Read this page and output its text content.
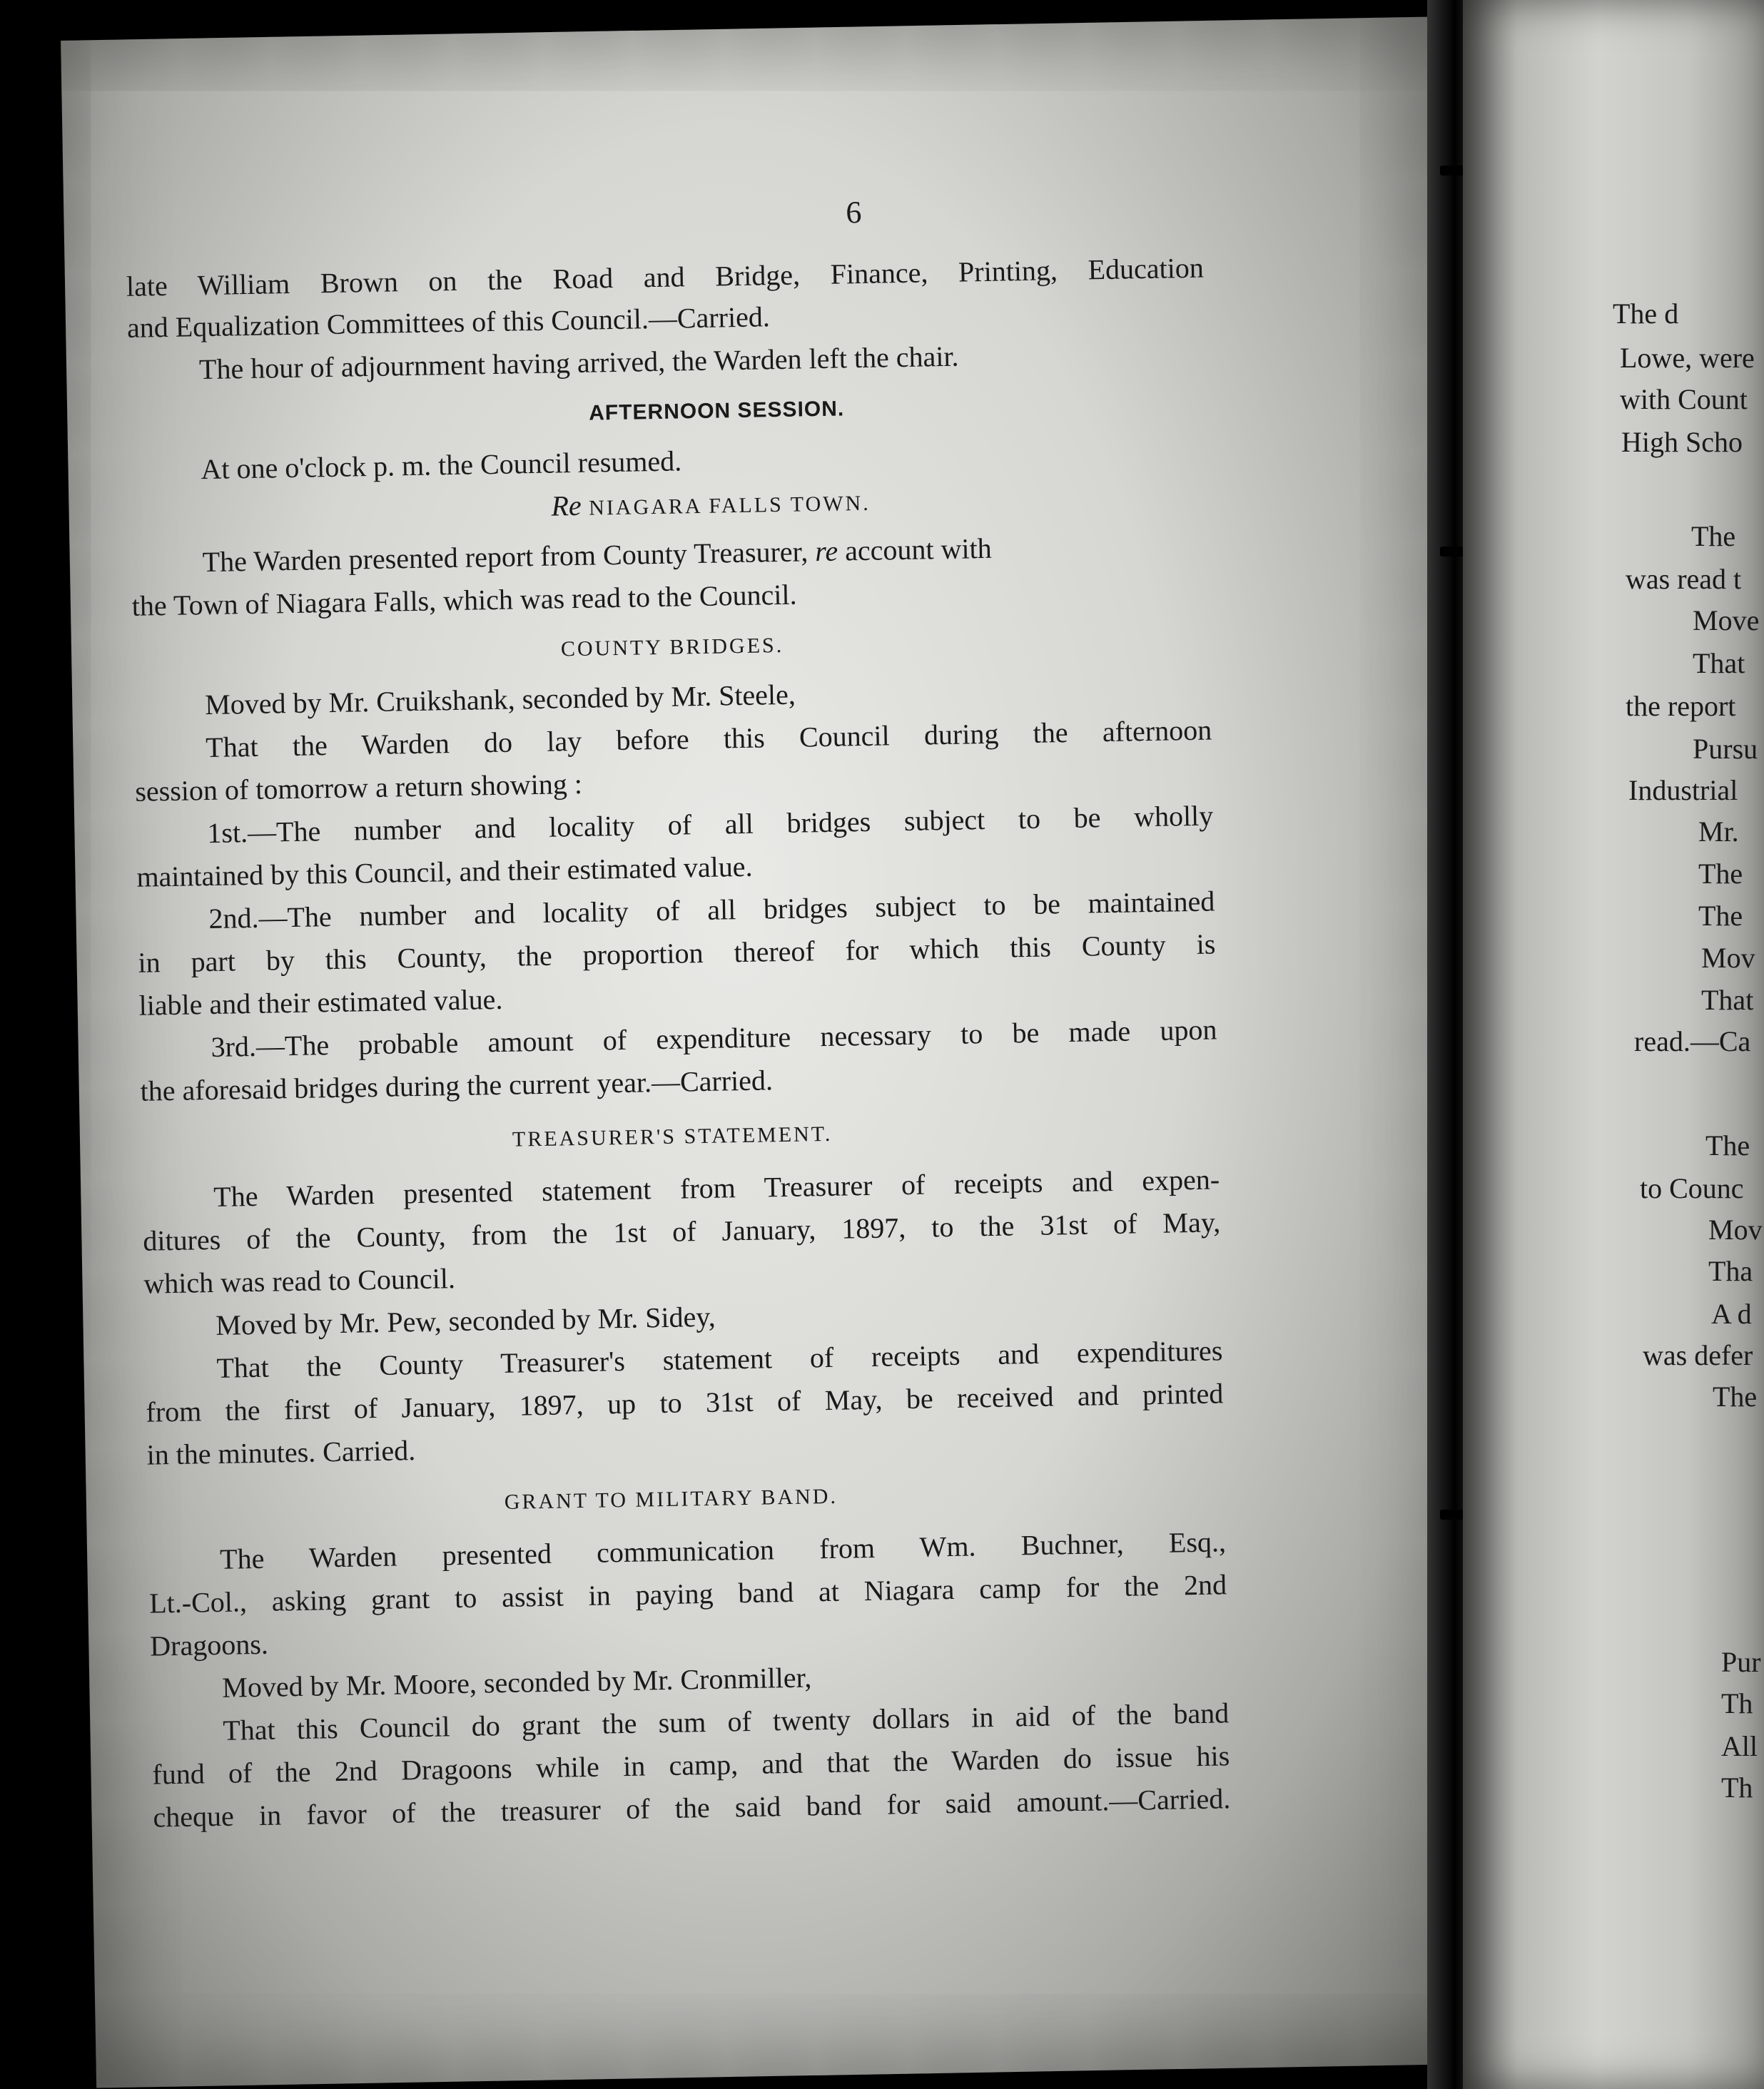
6

late William Brown on the Road and Bridge, Finance, Printing, Education

and Equalization Committees of this Council.—Carried.

The hour of adjournment having arrived, the Warden left the chair.

AFTERNOON SESSION.

At one o'clock p. m. the Council resumed.

Re NIAGARA FALLS TOWN.

The Warden presented report from County Treasurer, re account with

the Town of Niagara Falls, which was read to the Council.

COUNTY BRIDGES.

Moved by Mr. Cruikshank, seconded by Mr. Steele,

That the Warden do lay before this Council during the afternoon

session of tomorrow a return showing :

1st.—The number and locality of all bridges subject to be wholly

maintained by this Council, and their estimated value.

2nd.—The number and locality of all bridges subject to be maintained

in part by this County, the proportion thereof for which this County is

liable and their estimated value.

3rd.—The probable amount of expenditure necessary to be made upon

the aforesaid bridges during the current year.—Carried.

TREASURER'S STATEMENT.

The Warden presented statement from Treasurer of receipts and expen-

ditures of the County, from the 1st of January, 1897, to the 31st of May,

which was read to Council.

Moved by Mr. Pew, seconded by Mr. Sidey,

That the County Treasurer's statement of receipts and expenditures

from the first of January, 1897, up to 31st of May, be received and printed

in the minutes. Carried.

GRANT TO MILITARY BAND.

The Warden presented communication from Wm. Buchner, Esq.,

Lt.-Col., asking grant to assist in paying band at Niagara camp for the 2nd

Dragoons.

Moved by Mr. Moore, seconded by Mr. Cronmiller,

That this Council do grant the sum of twenty dollars in aid of the band

fund of the 2nd Dragoons while in camp, and that the Warden do issue his

cheque in favor of the treasurer of the said band for said amount.—Carried.

The d

Lowe, were

with Count

High Scho

The

was read t

Move

That

the report

Pursu

Industrial

Mr.

The

The

Mov

That

read.—Ca

The

to Counc

Mov

Tha

A d

was defer

The

Pur

Th

All

Th
